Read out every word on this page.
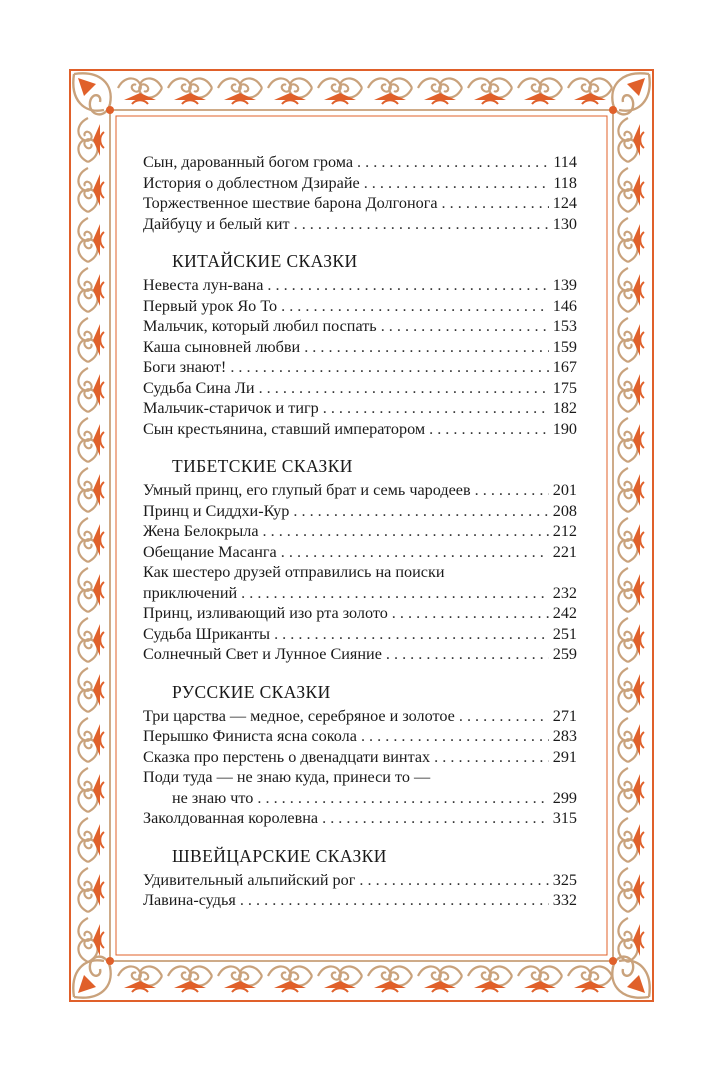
Сын, дарованный богом грома . . .	114
История о доблестном Дзирайе . . .	118
Торжественное шествие барона Долгонога . . .	124
Дайбуцу и белый кит . . .	130
КИТАЙСКИЕ СКАЗКИ
Невеста лун-вана . . .	139
Первый урок Яо То . . .	146
Мальчик, который любил поспать . . .	153
Каша сыновней любви . . .	159
Боги знают! . . .	167
Судьба Сина Ли . . .	175
Мальчик-старичок и тигр . . .	182
Сын крестьянина, ставший императором . . .	190
ТИБЕТСКИЕ СКАЗКИ
Умный принц, его глупый брат и семь чародеев . . .	201
Принц и Сиддхи-Кур . . .	208
Жена Белокрыла . . .	212
Обещание Масанга . . .	221
Как шестеро друзей отправились на поиски
приключений . . .	232
Принц, изливающий изо рта золото . . .	242
Судьба Шриканты . . .	251
Солнечный Свет и Лунное Сияние . . .	259
РУССКИЕ СКАЗКИ
Три царства — медное, серебряное и золотое . . .	271
Перышко Финиста ясна сокола . . .	283
Сказка про перстень о двенадцати винтах . . .	291
Поди туда — не знаю куда, принеси то —
не знаю что . . .	299
Заколдованная королевна . . .	315
ШВЕЙЦАРСКИЕ СКАЗКИ
Удивительный альпийский рог . . .	325
Лавина-судья . . .	332
